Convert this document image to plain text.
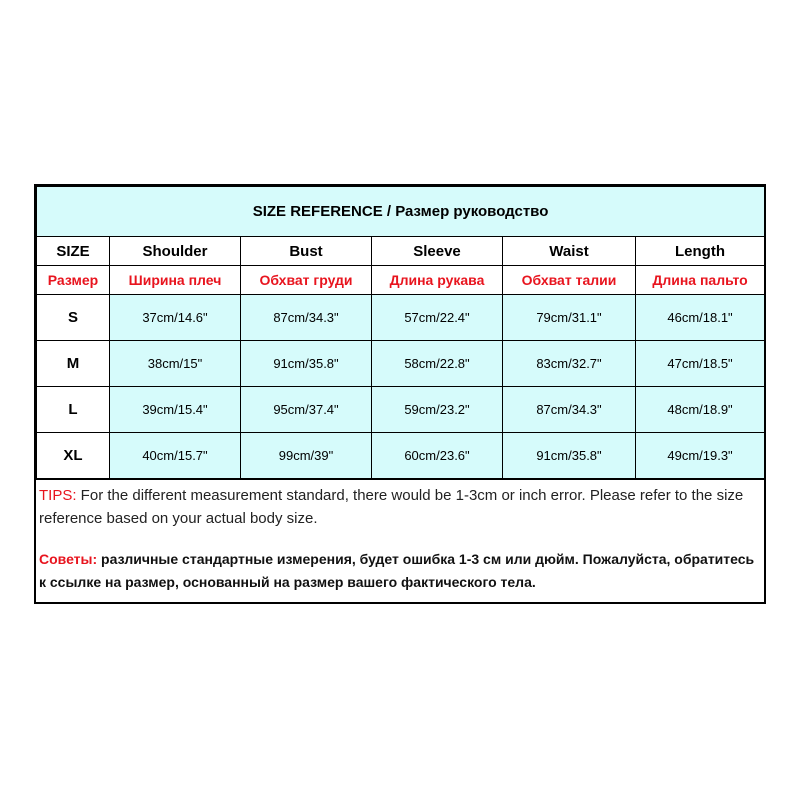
SIZE REFERENCE / Размер руководство					
SIZE	Shoulder	Bust	Sleeve	Waist	Length
Размер	Ширина плеч	Обхват груди	Длина рукава	Обхват талии	Длина пальто
S	37cm/14.6"	87cm/34.3"	57cm/22.4"	79cm/31.1"	46cm/18.1"
M	38cm/15"	91cm/35.8"	58cm/22.8"	83cm/32.7"	47cm/18.5"
L	39cm/15.4"	95cm/37.4"	59cm/23.2"	87cm/34.3"	48cm/18.9"
XL	40cm/15.7"	99cm/39"	60cm/23.6"	91cm/35.8"	49cm/19.3"

TIPS: For the different measurement standard, there would be 1-3cm or inch error. Please refer to the size reference based on your actual body size.

Советы: различные стандартные измерения, будет ошибка 1-3 см или дюйм. Пожалуйста, обратитесь к ссылке на размер, основанный на размер вашего фактического тела.
